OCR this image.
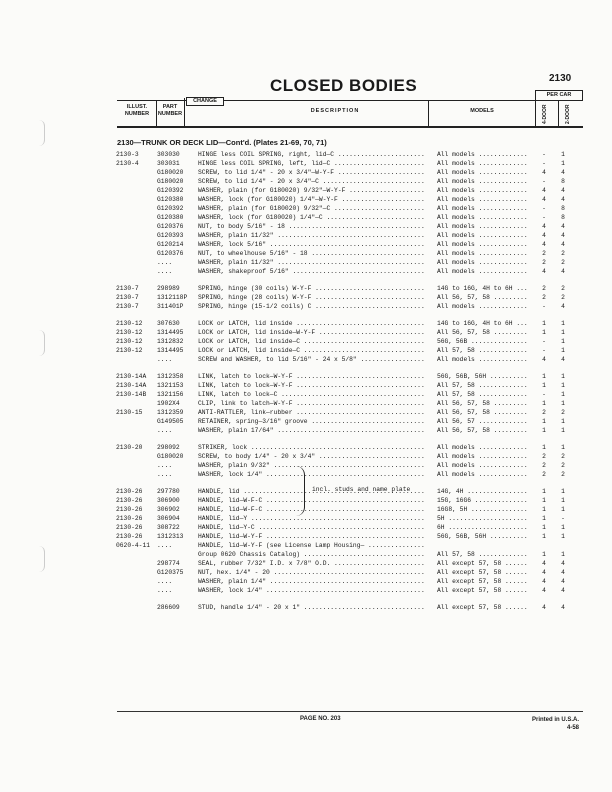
CLOSED BODIES	2130
PER CAR
ILLUST.
NUMBER
PART
NUMBER
CHANGE
DESCRIPTION	MODELS	4-DOOR	2-DOOR
2130—TRUNK OR DECK LID—Cont'd. (Plates 21-69, 70, 71)
2130-3	303030	HINGE less COIL SPRING, right, lid—C .....	All models .....	-	1
2130-4	303031	HINGE less COIL SPRING, left, lid—C .....	All models .....	-	1
G180020 SCREW, to lid 1/4" - 20 x 3/4"—W-Y-F .....	All models .....	4	4
G180020 SCREW, to lid 1/4" - 20 x 3/4"—C .....	All models .....	-	8
G120392 WASHER, plain (for G180020) 9/32"—W-Y-F .....	All models .....	4	4
G120380 WASHER, lock (for G180020) 1/4"—W-Y-F .....	All models .....	4	4
G120392 WASHER, plain (for G180020) 9/32"—C .....	All models .....	-	8
G120380 WASHER, lock (for G180020) 1/4"—C .....	All models .....	-	8
G120376 NUT, to body 5/16" - 18 .....	All models .....	4	4
G120393 WASHER, plain 11/32" .....	All models .....	4	4
G120214 WASHER, lock 5/16" .....	All models .....	4	4
G120376 NUT, to wheelhouse 5/16" - 18 .....	All models .....	2	2
....	WASHER, plain 11/32" .....	All models .....	2	2
....	WASHER, shakeproof 5/16" .....	All models .....	4	4
2130-7	298989	SPRING, hinge (30 coils) W-Y-F .....	14G to 16G, 4H to 6H .....	2	2
2130-7	1312118P SPRING, hinge (28 coils) W-Y-F .....	All 56, 57, 58 .....	2	2
2130-7	311401P SPRING, hinge (15-1/2 coils) C .....	All models .....	-	4
2130-12 307630	LOCK or LATCH, lid inside .....	14G to 16G, 4H to 6H .....	1	1
2130-12 1314495 LOCK or LATCH, lid inside—W-Y-F .....	All 56, 57, 58 .....	1	1
2130-12 1312832 LOCK or LATCH, lid inside—C .....	56G, 56B .....	-	1
2130-12 1314495 LOCK or LATCH, lid inside—C .....	All 57, 58 .....	-	1
....	SCREW and WASHER, to lid 5/16" - 24 x 5/8" .....	All models .....	4	4
2130-14A 1312358 LINK, latch to lock—W-Y-F .....	56G, 56B, 56H .....	1	1
2130-14A 1321153 LINK, latch to lock—W-Y-F .....	All 57, 58 .....	1	1
2130-14B 1321156 LINK, latch to lock—C .....	All 57, 58 .....	-	1
1902X4	CLIP, link to latch—W-Y-F .....	All 56, 57, 58 .....	1	1
2130-15 1312359 ANTI-RATTLER, link—rubber .....	All 56, 57, 58 .....	2	2
G149505 RETAINER, spring—3/16" groove .....	All 56, 57 .....	1	1
....	WASHER, plain 17/64" .....	All 56, 57, 58 .....	1	1
2130-20 298092	STRIKER, lock .....	All models .....	1	1
G180020 SCREW, to body 1/4" - 20 x 3/4" .....	All models .....	2	2
....	WASHER, plain 9/32" .....	All models .....	2	2
....	WASHER, lock 1/4" .....	All models .....	2	2
2130-26 297780	HANDLE, lid .....	14G, 4H .....	1	1
2130-26 306900	HANDLE, lid—W-F-C .....	15G, 16G6 .....	1	1
2130-26 306902	HANDLE, lid—W-F-C .....	16G8, 5H .....	1	1
2130-26 306904	HANDLE, lid—Y .....	5H .....	1	-
2130-26 308722	HANDLE, lid—Y-C .....	6H .....	1	1
2130-26 1312313 HANDLE, lid—W-Y-F .....	56G, 56B, 56H .....	1	1
0620-4-11 ....	HANDLE, lid—W-Y-F (see License Lamp Housing— .....
Group 0620 Chassis Catalog) .....	All 57, 58 .....	1	1
298774	SEAL, rubber 7/32" I.D. x 7/8" O.D. .....	All except 57, 58 .....	4	4
G120375 NUT, hex. 1/4" - 20 .....	All except 57, 58 .....	4	4
....	WASHER, plain 1/4" .....	All except 57, 58 .....	4	4
....	WASHER, lock 1/4" .....	All except 57, 58 .....	4	4
286609	STUD, handle 1/4" - 20 x 1" .....	All except 57, 58 .....	4	4
incl. studs and name plate
PAGE NO. 203	Printed in U.S.A.
4-58
